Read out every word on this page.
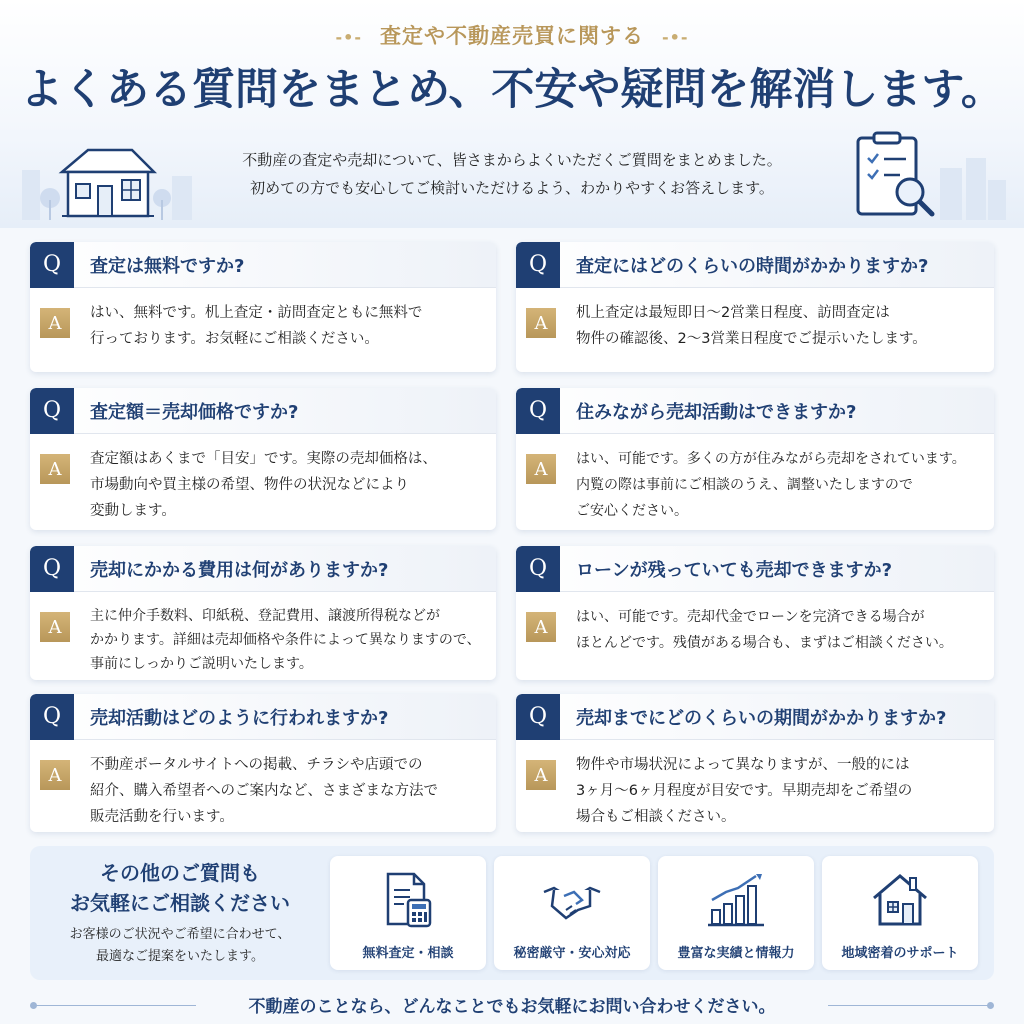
-•- 査定や不動産売買に関する -•-
よくある質問をまとめ、不安や疑問を解消します。
不動産の査定や売却について、皆さまからよくいただくご質問をまとめました。
初めての方でも安心してご検討いただけるよう、わかりやすくお答えします。
Q	査定は無料ですか?
A	はい、無料です。机上査定・訪問査定ともに無料で
行っております。お気軽にご相談ください。
Q	査定にはどのくらいの時間がかかりますか?
A	机上査定は最短即日〜2営業日程度、訪問査定は
物件の確認後、2〜3営業日程度でご提示いたします。
Q	査定額＝売却価格ですか?
A	査定額はあくまで「目安」です。実際の売却価格は、
市場動向や買主様の希望、物件の状況などにより
変動します。
Q	住みながら売却活動はできますか?
A	はい、可能です。多くの方が住みながら売却をされています。
内覧の際は事前にご相談のうえ、調整いたしますので
ご安心ください。
Q	売却にかかる費用は何がありますか?
A
主に仲介手数料、印紙税、登記費用、譲渡所得税などが
かかります。詳細は売却価格や条件によって異なりますので、
事前にしっかりご説明いたします。
Q	ローンが残っていても売却できますか?
A	はい、可能です。売却代金でローンを完済できる場合が
ほとんどです。残債がある場合も、まずはご相談ください。
Q	売却活動はどのように行われますか?
A	不動産ポータルサイトへの掲載、チラシや店頭での
紹介、購入希望者へのご案内など、さまざまな方法で
販売活動を行います。
Q	売却までにどのくらいの期間がかかりますか?
A	物件や市場状況によって異なりますが、一般的には
3ヶ月〜6ヶ月程度が目安です。早期売却をご希望の
場合もご相談ください。
その他のご質問も
お気軽にご相談ください
お客様のご状況やご希望に合わせて、
最適なご提案をいたします。	無料査定・相談	秘密厳守・安心対応	豊富な実績と情報力	地域密着のサポート
不動産のことなら、どんなことでもお気軽にお問い合わせください。
